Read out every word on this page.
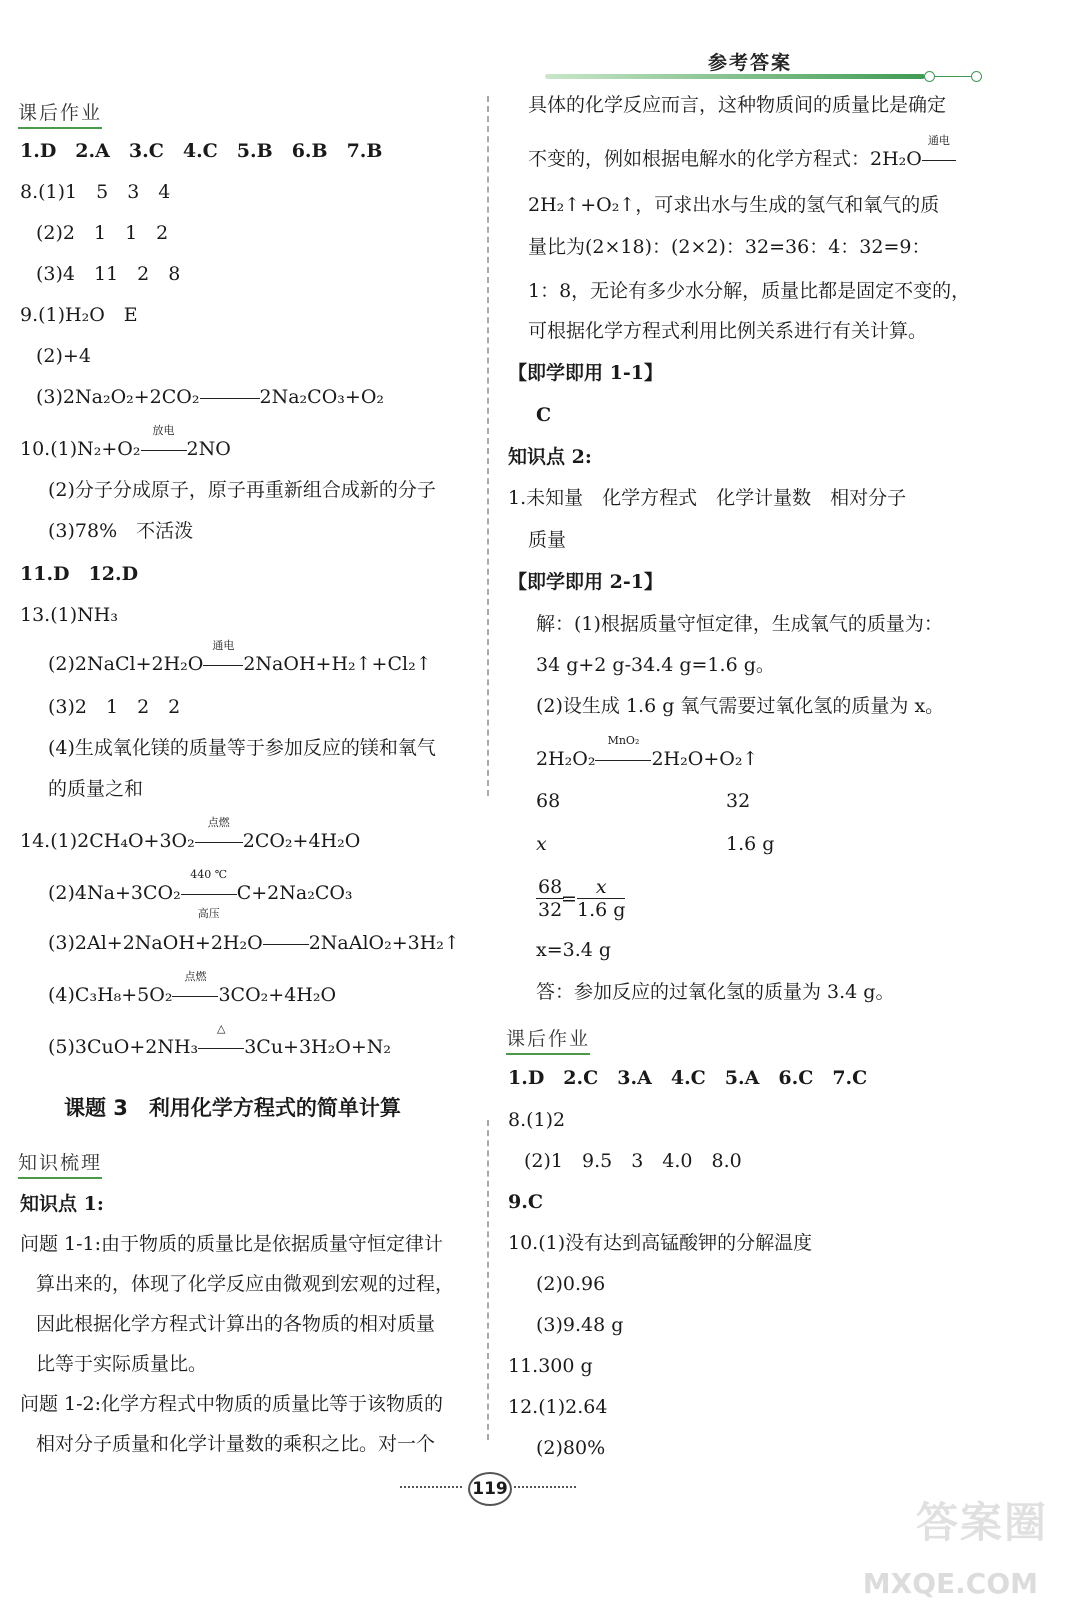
参考答案
课后作业
1.D　2.A　3.C　4.C　5.B　6.B　7.B
8.(1)1　5　3　4
(2)2　1　1　2
(3)4　11　2　8
9.(1)H₂O　E
(2)+4
(3)2Na₂O₂+2CO₂	2Na₂CO₃+O₂
10.(1)N₂+O₂
放电
2NO
(2)分子分成原子，原子再重新组合成新的分子
(3)78%　不活泼
11.D　12.D
13.(1)NH₃
(2)2NaCl+2H₂O
通电
2NaOH+H₂↑+Cl₂↑
(3)2　1　2　2
(4)生成氧化镁的质量等于参加反应的镁和氧气
的质量之和
14.(1)2CH₄O+3O₂
点燃
2CO₂+4H₂O
(2)4Na+3CO₂
440 ℃
高压
C+2Na₂CO₃
(3)2Al+2NaOH+2H₂O 2NaAlO₂+3H₂↑
(4)C₃H₈+5O₂
点燃
3CO₂+4H₂O
(5)3CuO+2NH₃
△
3Cu+3H₂O+N₂
课题 3　利用化学方程式的简单计算
知识梳理
知识点 1:
问题 1-1:由于物质的质量比是依据质量守恒定律计
算出来的，体现了化学反应由微观到宏观的过程，
因此根据化学方程式计算出的各物质的相对质量
比等于实际质量比。
问题 1-2:化学方程式中物质的质量比等于该物质的
相对分子质量和化学计量数的乘积之比。对一个
具体的化学反应而言，这种物质间的质量比是确定
不变的，例如根据电解水的化学方程式：2H₂O
通电
2H₂↑+O₂↑，可求出水与生成的氢气和氧气的质
量比为(2×18)：(2×2)：32=36：4：32=9：
1：8，无论有多少水分解，质量比都是固定不变的，
可根据化学方程式利用比例关系进行有关计算。
【即学即用 1-1】
C
知识点 2:
1.未知量　化学方程式　化学计量数　相对分子
质量
【即学即用 2-1】
解：(1)根据质量守恒定律，生成氧气的质量为：
34 g+2 g-34.4 g=1.6 g。
(2)设生成 1.6 g 氧气需要过氧化氢的质量为 x。
2H₂O₂
MnO₂
2H₂O+O₂↑
68	32
x	1.6 g
$\frac{68}{32}$
= $\frac{x}{1.6 g}$
x=3.4 g
答：参加反应的过氧化氢的质量为 3.4 g。
课后作业
1.D　2.C　3.A　4.C　5.A　6.C　7.C
8.(1)2
(2)1　9.5　3　4.0　8.0
9.C
10.(1)没有达到高锰酸钾的分解温度
(2)0.96
(3)9.48 g
11.300 g
12.(1)2.64
(2)80%
119
答案圈
MXQE.COM
